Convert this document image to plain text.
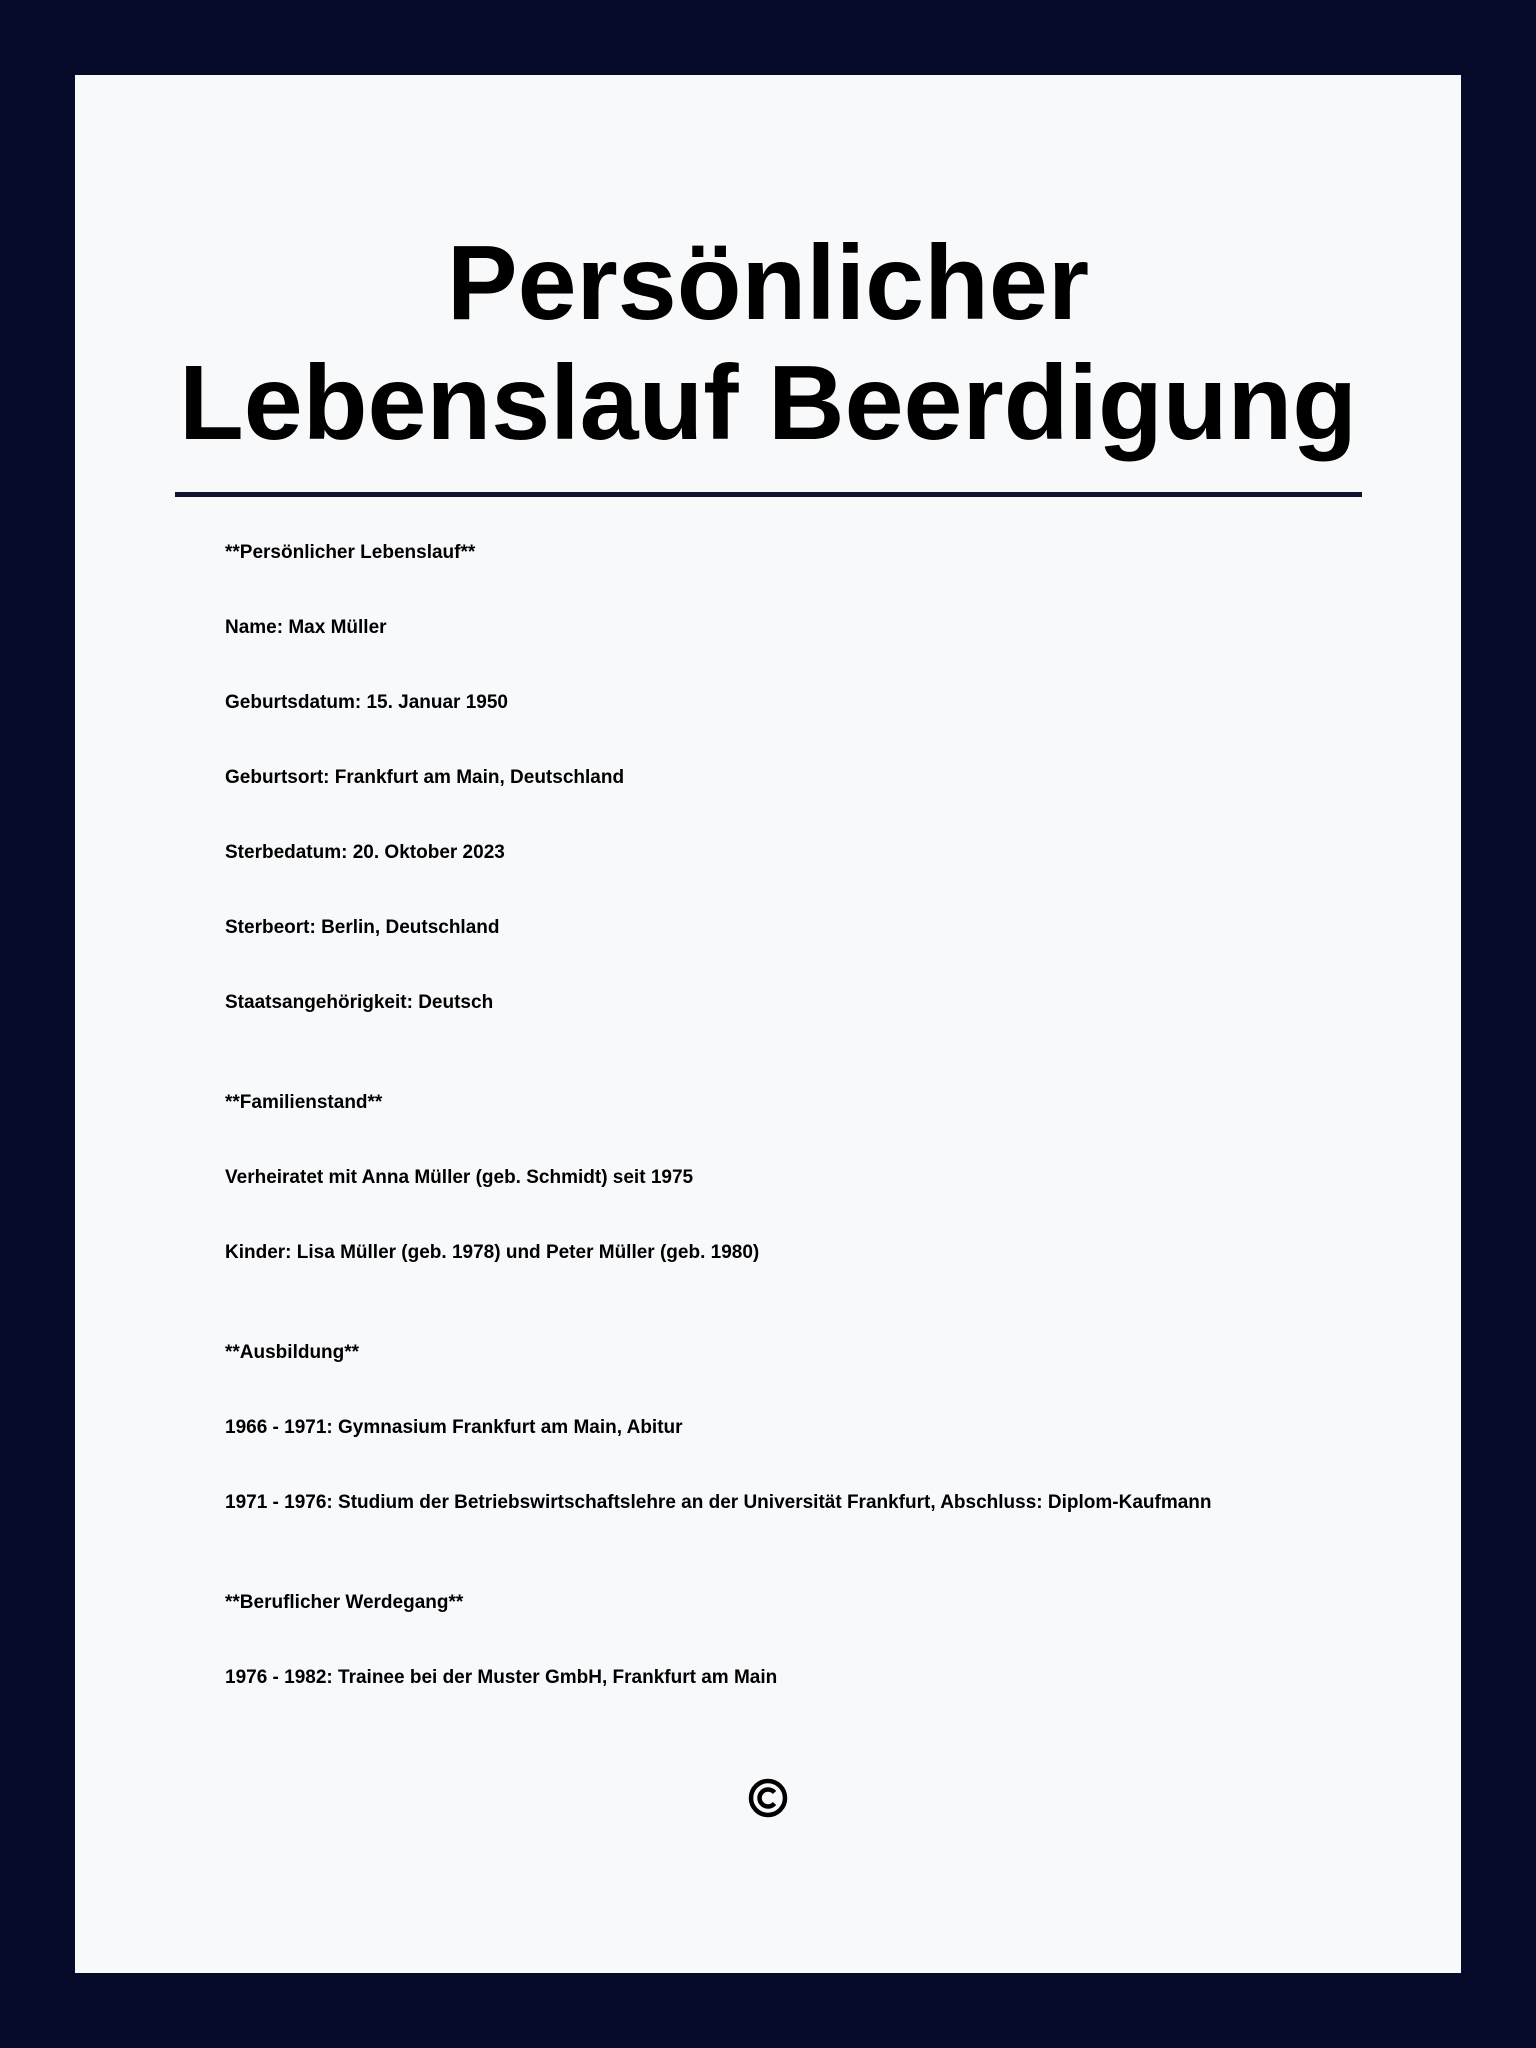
Persönlicher
Lebenslauf Beerdigung
**Persönlicher Lebenslauf**
Name: Max Müller
Geburtsdatum: 15. Januar 1950
Geburtsort: Frankfurt am Main, Deutschland
Sterbedatum: 20. Oktober 2023
Sterbeort: Berlin, Deutschland
Staatsangehörigkeit: Deutsch
**Familienstand**
Verheiratet mit Anna Müller (geb. Schmidt) seit 1975
Kinder: Lisa Müller (geb. 1978) und Peter Müller (geb. 1980)
**Ausbildung**
1966 - 1971: Gymnasium Frankfurt am Main, Abitur
1971 - 1976: Studium der Betriebswirtschaftslehre an der Universität Frankfurt, Abschluss: Diplom-Kaufmann
**Beruflicher Werdegang**
1976 - 1982: Trainee bei der Muster GmbH, Frankfurt am Main
